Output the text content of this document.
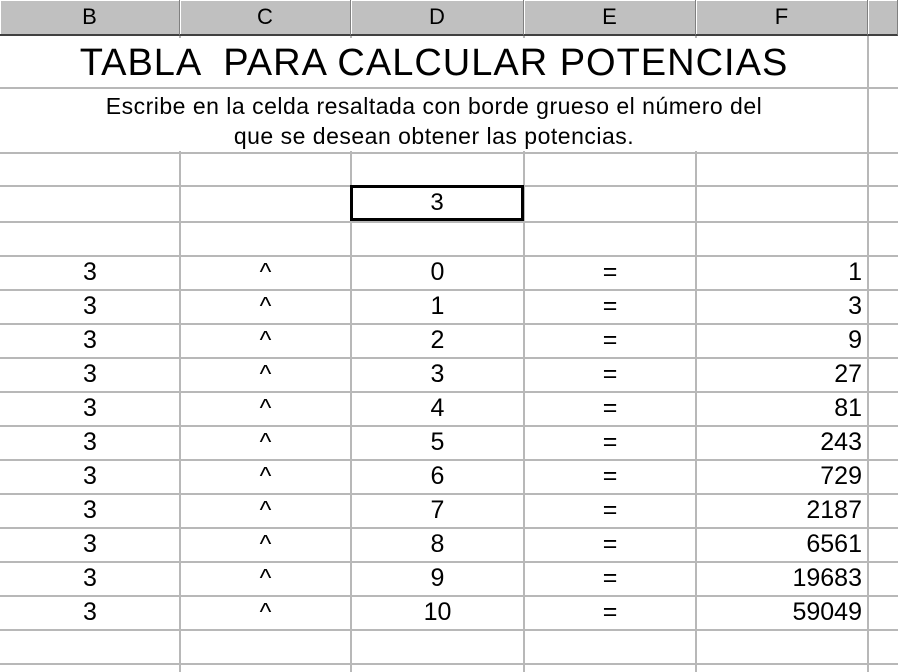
B	C	D	E	F
TABLA  PARA CALCULAR POTENCIAS
Escribe en la celda resaltada con borde grueso el número del
que se desean obtener las potencias.
3
3	^	0	=	1
3	^	1	=	3
3	^	2	=	9
3	^	3	=	27
3	^	4	=	81
3	^	5	=	243
3	^	6	=	729
3	^	7	=	2187
3	^	8	=	6561
3	^	9	=	19683
3	^	10	=	59049
